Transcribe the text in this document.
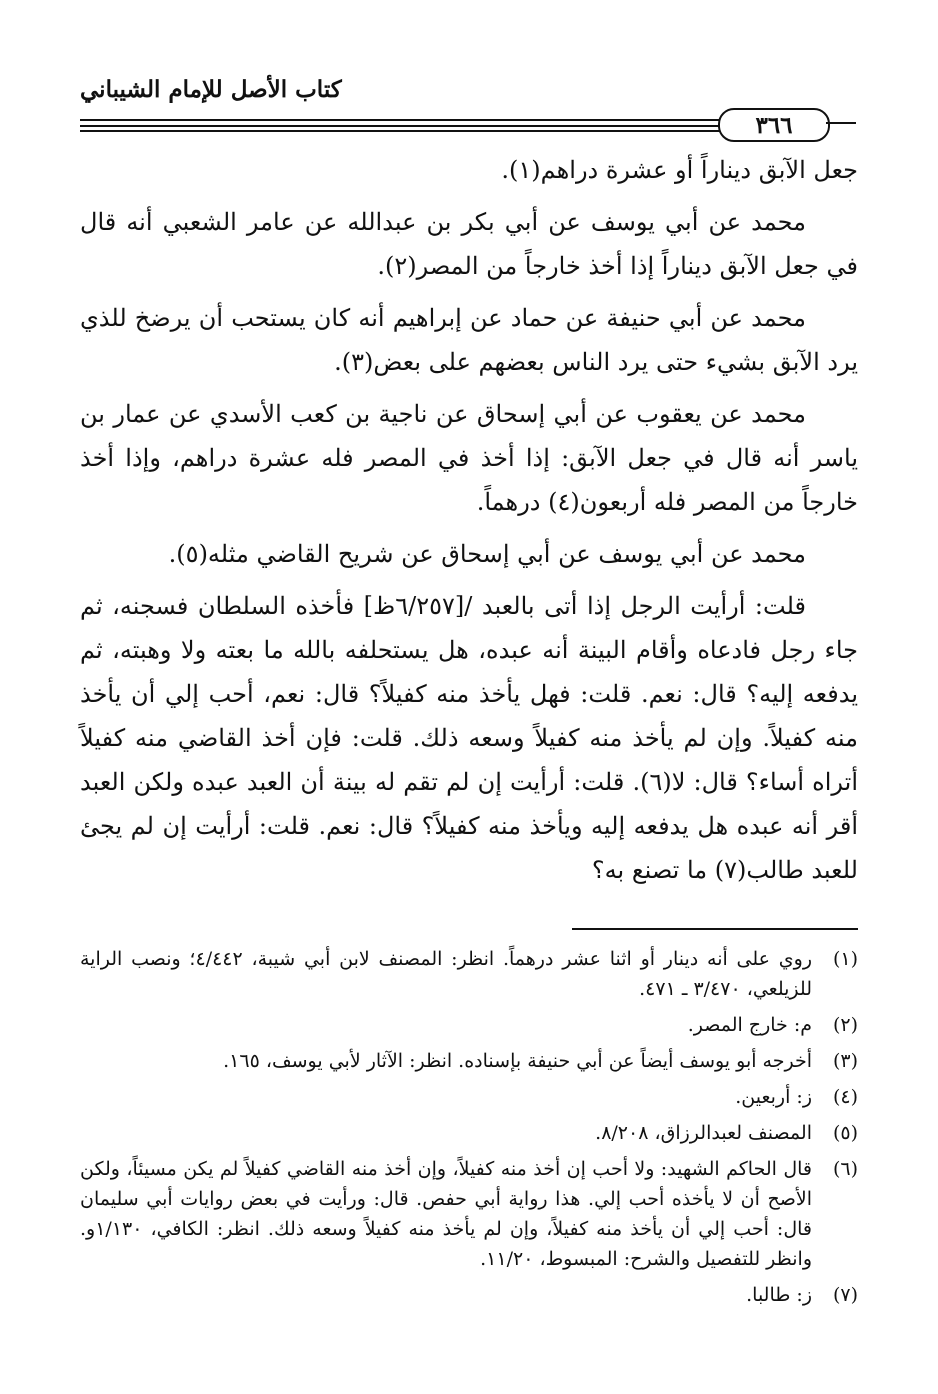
كتاب الأصل للإمام الشيباني
٣٦٦

جعل الآبق ديناراً أو عشرة دراهم(١).

محمد عن أبي يوسف عن أبي بكر بن عبدالله عن عامر الشعبي أنه قال في جعل الآبق ديناراً إذا أخذ خارجاً من المصر(٢).

محمد عن أبي حنيفة عن حماد عن إبراهيم أنه كان يستحب أن يرضخ للذي يرد الآبق بشيء حتى يرد الناس بعضهم على بعض(٣).

محمد عن يعقوب عن أبي إسحاق عن ناجية بن كعب الأسدي عن عمار بن ياسر أنه قال في جعل الآبق: إذا أخذ في المصر فله عشرة دراهم، وإذا أخذ خارجاً من المصر فله أربعون(٤) درهماً.

محمد عن أبي يوسف عن أبي إسحاق عن شريح القاضي مثله(٥).

قلت: أرأيت الرجل إذا أتى بالعبد /[٦/٢٥٧ظ] فأخذه السلطان فسجنه، ثم جاء رجل فادعاه وأقام البينة أنه عبده، هل يستحلفه بالله ما بعته ولا وهبته، ثم يدفعه إليه؟ قال: نعم. قلت: فهل يأخذ منه كفيلاً؟ قال: نعم، أحب إلي أن يأخذ منه كفيلاً. وإن لم يأخذ منه كفيلاً وسعه ذلك. قلت: فإن أخذ القاضي منه كفيلاً أتراه أساء؟ قال: لا(٦). قلت: أرأيت إن لم تقم له بينة أن العبد عبده ولكن العبد أقر أنه عبده هل يدفعه إليه ويأخذ منه كفيلاً؟ قال: نعم. قلت: أرأيت إن لم يجئ للعبد طالب(٧) ما تصنع به؟

(١)
روي على أنه دينار أو اثنا عشر درهماً. انظر: المصنف لابن أبي شيبة، ٤/٤٤٢؛ ونصب الراية للزيلعي، ٣/٤٧٠ ـ ٤٧١.
(٢)
م: خارج المصر.
(٣)
أخرجه أبو يوسف أيضاً عن أبي حنيفة بإسناده. انظر: الآثار لأبي يوسف، ١٦٥.
(٤)
ز: أربعين.
(٥)
المصنف لعبدالرزاق، ٨/٢٠٨.
(٦)
قال الحاكم الشهيد: ولا أحب إن أخذ منه كفيلاً، وإن أخذ منه القاضي كفيلاً لم يكن مسيئاً، ولكن الأصح أن لا يأخذه أحب إلي. هذا رواية أبي حفص. قال: ورأيت في بعض روايات أبي سليمان قال: أحب إلي أن يأخذ منه كفيلاً، وإن لم يأخذ منه كفيلاً وسعه ذلك. انظر: الكافي، ١/١٣٠و. وانظر للتفصيل والشرح: المبسوط، ١١/٢٠.
(٧)
ز: طالبا.
